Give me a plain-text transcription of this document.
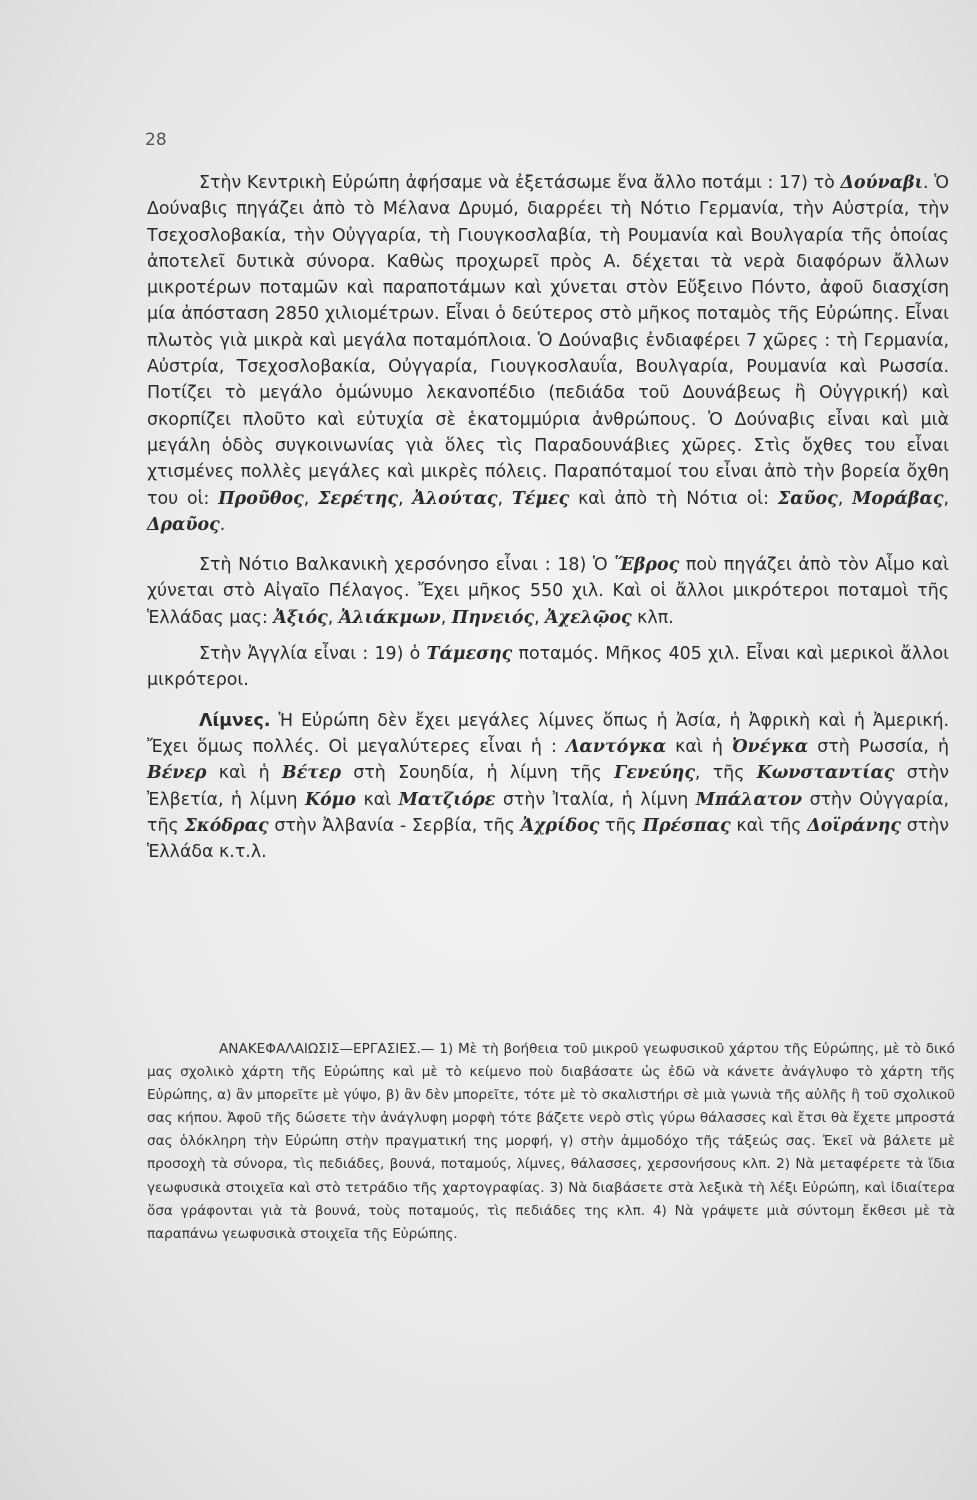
28

Στὴν Κεντρικὴ Εὐρώπη ἀφήσαμε νὰ ἐξετάσωμε ἕνα ἄλλο ποτάμι : 17) τὸ Δούναβι. Ὁ Δούναβις πηγάζει ἀπὸ τὸ Μέλανα Δρυμό, διαρρέει τὴ Νότιο Γερμανία, τὴν Αὐστρία, τὴν Τσεχοσλοβακία, τὴν Οὐγγαρία, τὴ Γιουγκοσλαβία, τὴ Ρουμανία καὶ Βουλγαρία τῆς ὁποίας ἀποτελεῖ δυτικὰ σύνορα. Καθὼς προχωρεῖ πρὸς Α. δέχεται τὰ νερὰ διαφόρων ἄλλων μικροτέρων ποταμῶν καὶ παραποτάμων καὶ χύνεται στὸν Εὔξεινο Πόντο, ἀφοῦ διασχίση μία ἀπόσταση 2850 χιλιομέτρων. Εἶναι ὁ δεύτερος στὸ μῆκος ποταμὸς τῆς Εὐρώπης. Εἶναι πλωτὸς γιὰ μικρὰ καὶ μεγάλα ποταμόπλοια. Ὁ Δούναβις ἐνδιαφέρει 7 χῶρες : τὴ Γερμανία, Αὐστρία, Τσεχοσλοβακία, Οὐγγαρία, Γιουγκοσλαυΐα, Βουλγαρία, Ρουμανία καὶ Ρωσσία. Ποτίζει τὸ μεγάλο ὁμώνυμο λεκανοπέδιο (πεδιάδα τοῦ Δουνάβεως ἢ Οὐγγρική) καὶ σκορπίζει πλοῦτο καὶ εὐτυχία σὲ ἑκατομμύρια ἀνθρώπους. Ὁ Δούναβις εἶναι καὶ μιὰ μεγάλη ὁδὸς συγκοινωνίας γιὰ ὅλες τὶς Παραδουνάβιες χῶρες. Στὶς ὄχθες του εἶναι χτισμένες πολλὲς μεγάλες καὶ μικρὲς πόλεις. Παραπόταμοί του εἶναι ἀπὸ τὴν βορεία ὄχθη του οἱ: Προῦθος, Σερέτης, Ἀλούτας, Τέμες καὶ ἀπὸ τὴ Νότια οἱ: Σαῦος, Μοράβας, Δραῦος.

Στὴ Νότιο Βαλκανικὴ χερσόνησο εἶναι : 18) Ὁ Ἕβρος ποὺ πηγάζει ἀπὸ τὸν Αἷμο καὶ χύνεται στὸ Αἰγαῖο Πέλαγος. Ἔχει μῆκος 550 χιλ. Καὶ οἱ ἄλλοι μικρότεροι ποταμοὶ τῆς Ἑλλάδας μας: Ἀξιός, Ἀλιάκμων, Πηνειός, Ἀχελῷος κλπ.

Στὴν Ἀγγλία εἶναι : 19) ὁ Τάμεσης ποταμός. Μῆκος 405 χιλ. Εἶναι καὶ μερικοὶ ἄλλοι μικρότεροι.

Λίμνες. Ἡ Εὐρώπη δὲν ἔχει μεγάλες λίμνες ὅπως ἡ Ἀσία, ἡ Ἀφρικὴ καὶ ἡ Ἀμερική. Ἔχει ὅμως πολλές. Οἱ μεγαλύτερες εἶναι ἡ : Λαντόγκα καὶ ἡ Ὀνέγκα στὴ Ρωσσία, ἡ Βένερ καὶ ἡ Βέτερ στὴ Σουηδία, ἡ λίμνη τῆς Γενεύης, τῆς Κωνσταντίας στὴν Ἐλβετία, ἡ λίμνη Κόμο καὶ Ματζιόρε στὴν Ἰταλία, ἡ λίμνη Μπάλατον στὴν Οὐγγαρία, τῆς Σκόδρας στὴν Ἀλβανία - Σερβία, τῆς Ἀχρίδος τῆς Πρέσπας καὶ τῆς Δοϊράνης στὴν Ἑλλάδα κ.τ.λ.

ΑΝΑΚΕΦΑΛΑΙΩΣΙΣ—ΕΡΓΑΣΙΕΣ.— 1) Μὲ τὴ βοήθεια τοῦ μικροῦ γεωφυσικοῦ χάρτου τῆς Εὐρώπης, μὲ τὸ δικό μας σχολικὸ χάρτη τῆς Εὐρώπης καὶ μὲ τὸ κείμενο ποὺ διαβάσατε ὡς ἐδῶ νὰ κάνετε ἀνάγλυφο τὸ χάρτη τῆς Εὐρώπης, α) ἂν μπορεῖτε μὲ γύψο, β) ἂν δὲν μπορεῖτε, τότε μὲ τὸ σκαλιστήρι σὲ μιὰ γωνιὰ τῆς αὐλῆς ἢ τοῦ σχολικοῦ σας κήπου. Ἀφοῦ τῆς δώσετε τὴν ἀνάγλυφη μορφὴ τότε βάζετε νερὸ στὶς γύρω θάλασσες καὶ ἔτσι θὰ ἔχετε μπροστά σας ὁλόκληρη τὴν Εὐρώπη στὴν πραγματική της μορφή, γ) στὴν ἀμμοδόχο τῆς τάξεώς σας. Ἐκεῖ νὰ βάλετε μὲ προσοχὴ τὰ σύνορα, τὶς πεδιάδες, βουνά, ποταμούς, λίμνες, θάλασσες, χερσονήσους κλπ. 2) Νὰ μεταφέρετε τὰ ἴδια γεωφυσικὰ στοιχεῖα καὶ στὸ τετράδιο τῆς χαρτογραφίας. 3) Νὰ διαβάσετε στὰ λεξικὰ τὴ λέξι Εὐρώπη, καὶ ἰδιαίτερα ὅσα γράφονται γιὰ τὰ βουνά, τοὺς ποταμούς, τὶς πεδιάδες της κλπ. 4) Νὰ γράψετε μιὰ σύντομη ἔκθεσι μὲ τὰ παραπάνω γεωφυσικὰ στοιχεῖα τῆς Εὐρώπης.
